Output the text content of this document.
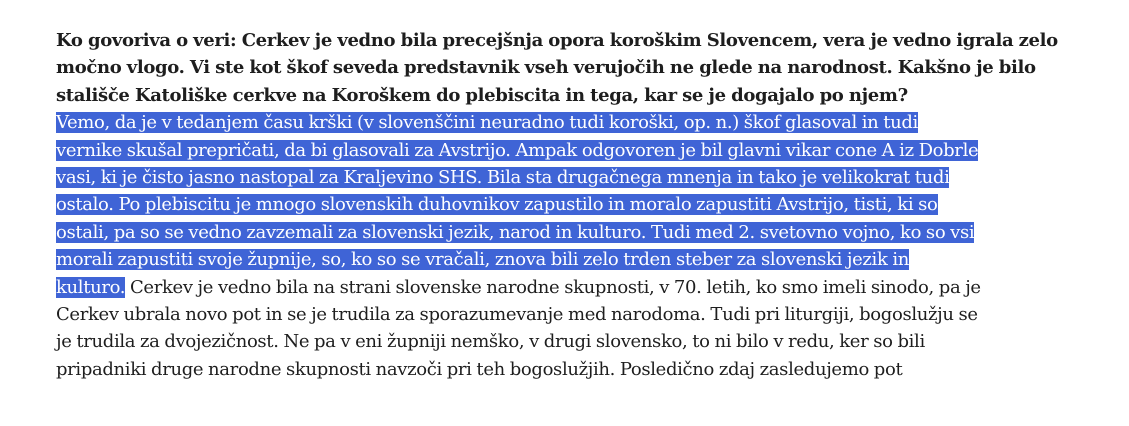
Ko govoriva o veri: Cerkev je vedno bila precejšnja opora koroškim Slovencem, vera je vedno igrala zelo
močno vlogo. Vi ste kot škof seveda predstavnik vseh verujočih ne glede na narodnost. Kakšno je bilo
stališče Katoliške cerkve na Koroškem do plebiscita in tega, kar se je dogajalo po njem?
Vemo, da je v tedanjem času krški (v slovenščini neuradno tudi koroški, op. n.) škof glasoval in tudi
vernike skušal prepričati, da bi glasovali za Avstrijo. Ampak odgovoren je bil glavni vikar cone A iz Dobrle
vasi, ki je čisto jasno nastopal za Kraljevino SHS. Bila sta drugačnega mnenja in tako je velikokrat tudi
ostalo. Po plebiscitu je mnogo slovenskih duhovnikov zapustilo in moralo zapustiti Avstrijo, tisti, ki so
ostali, pa so se vedno zavzemali za slovenski jezik, narod in kulturo. Tudi med 2. svetovno vojno, ko so vsi
morali zapustiti svoje župnije, so, ko so se vračali, znova bili zelo trden steber za slovenski jezik in
kulturo. Cerkev je vedno bila na strani slovenske narodne skupnosti, v 70. letih, ko smo imeli sinodo, pa je
Cerkev ubrala novo pot in se je trudila za sporazumevanje med narodoma. Tudi pri liturgiji, bogoslužju se
je trudila za dvojezičnost. Ne pa v eni župniji nemško, v drugi slovensko, to ni bilo v redu, ker so bili
pripadniki druge narodne skupnosti navzoči pri teh bogoslužjih. Posledično zdaj zasledujemo pot
